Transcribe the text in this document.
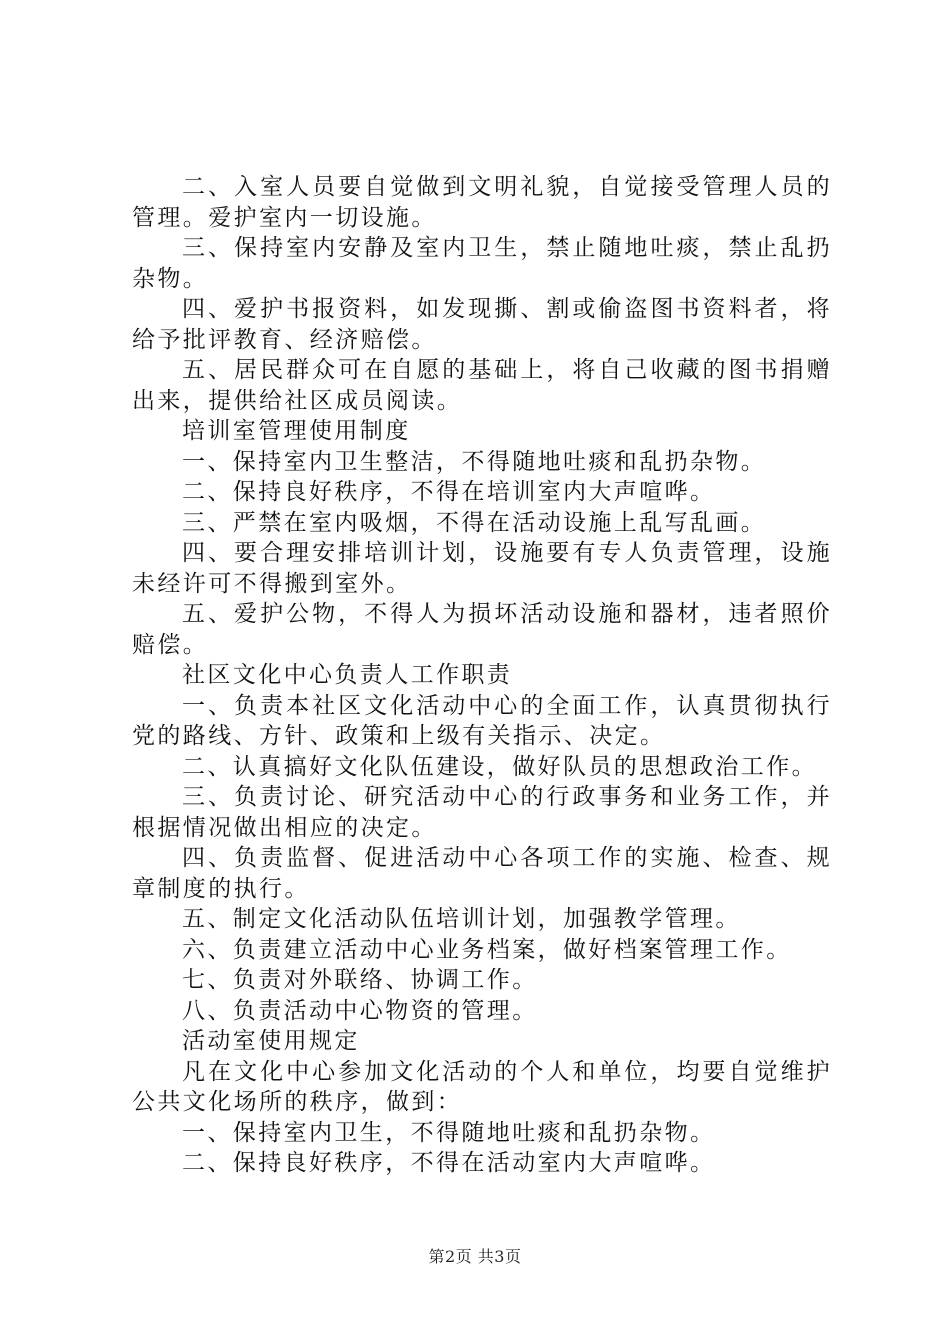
二、入室人员要自觉做到文明礼貌，自觉接受管理人员的管理。爱护室内一切设施。

三、保持室内安静及室内卫生，禁止随地吐痰，禁止乱扔杂物。

四、爱护书报资料，如发现撕、割或偷盗图书资料者，将给予批评教育、经济赔偿。

五、居民群众可在自愿的基础上，将自己收藏的图书捐赠出来，提供给社区成员阅读。

培训室管理使用制度

一、保持室内卫生整洁，不得随地吐痰和乱扔杂物。

二、保持良好秩序，不得在培训室内大声喧哗。

三、严禁在室内吸烟，不得在活动设施上乱写乱画。

四、要合理安排培训计划，设施要有专人负责管理，设施未经许可不得搬到室外。

五、爱护公物，不得人为损坏活动设施和器材，违者照价赔偿。

社区文化中心负责人工作职责

一、负责本社区文化活动中心的全面工作，认真贯彻执行党的路线、方针、政策和上级有关指示、决定。

二、认真搞好文化队伍建设，做好队员的思想政治工作。

三、负责讨论、研究活动中心的行政事务和业务工作，并根据情况做出相应的决定。

四、负责监督、促进活动中心各项工作的实施、检查、规章制度的执行。

五、制定文化活动队伍培训计划，加强教学管理。

六、负责建立活动中心业务档案，做好档案管理工作。

七、负责对外联络、协调工作。

八、负责活动中心物资的管理。

活动室使用规定

凡在文化中心参加文化活动的个人和单位，均要自觉维护公共文化场所的秩序，做到：

一、保持室内卫生，不得随地吐痰和乱扔杂物。

二、保持良好秩序，不得在活动室内大声喧哗。

第2页 共3页
